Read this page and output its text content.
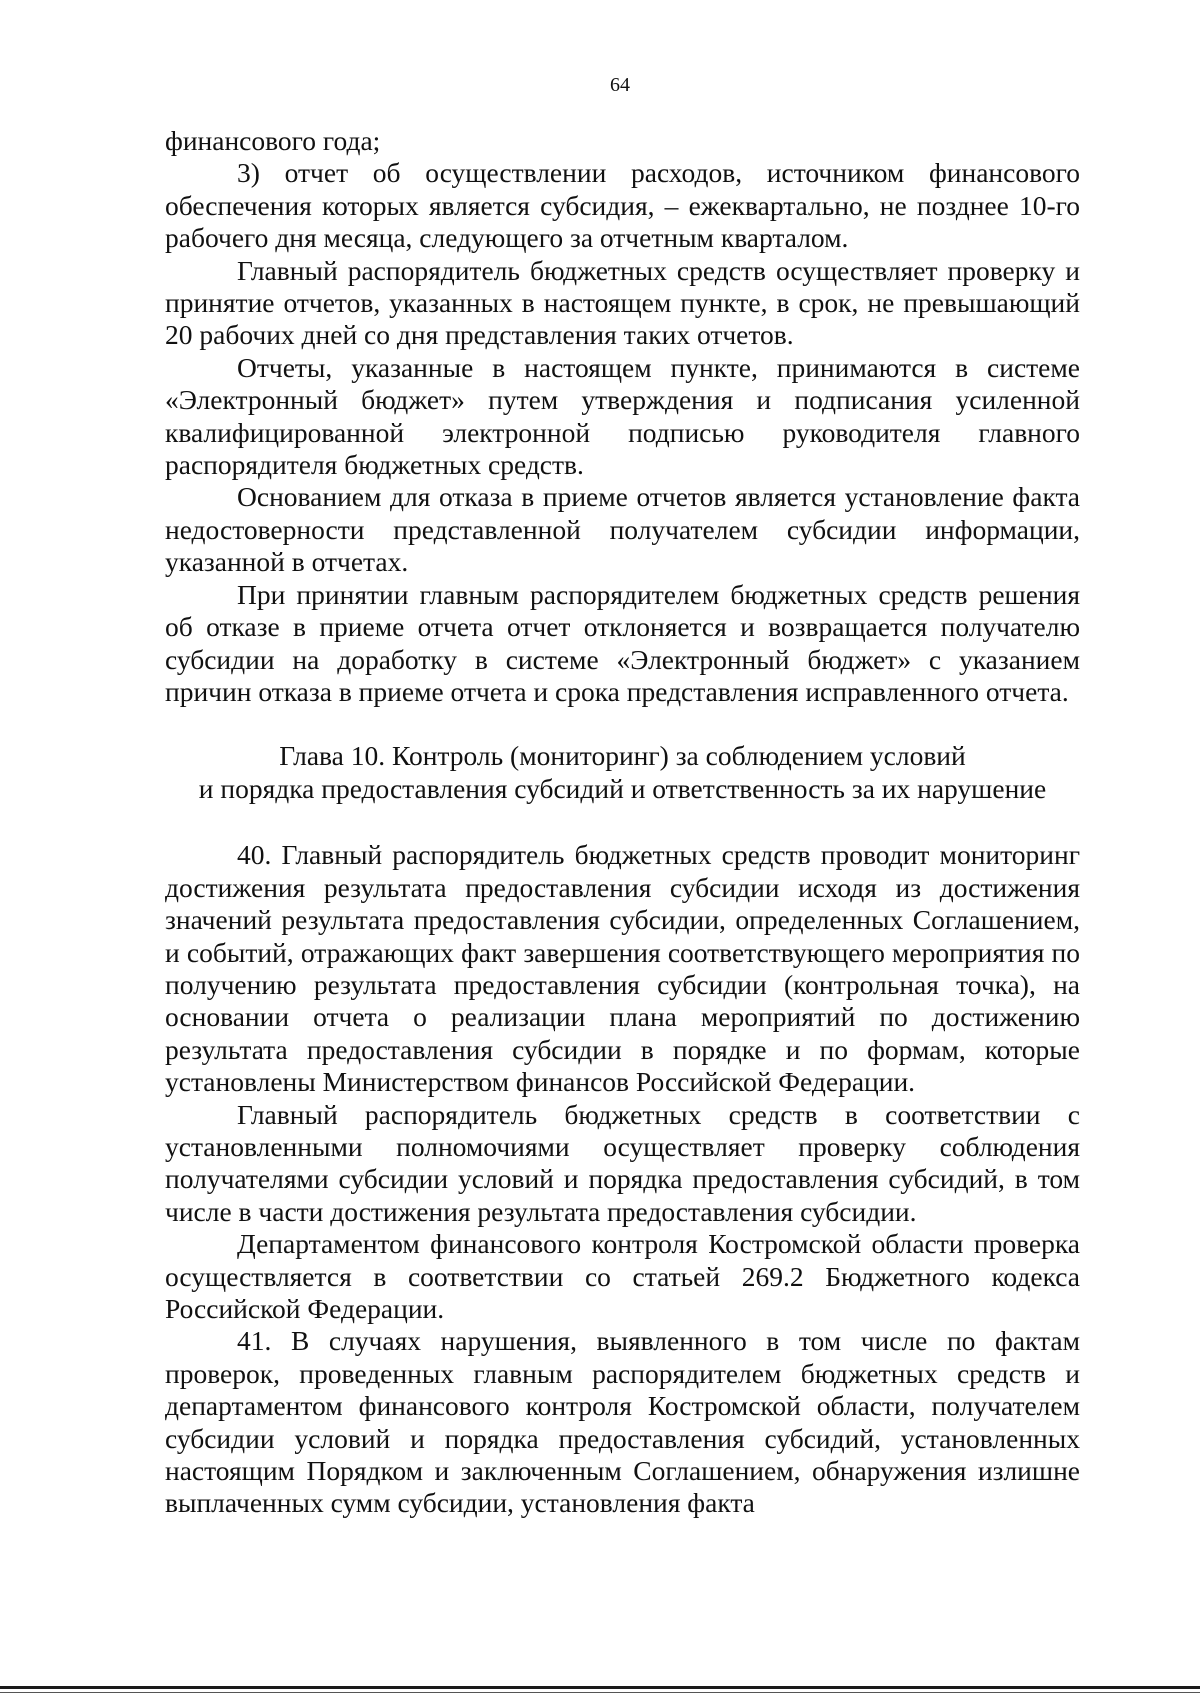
64

финансового года;

3) отчет об осуществлении расходов, источником финансового обеспечения которых является субсидия, – ежеквартально, не позднее 10-го рабочего дня месяца, следующего за отчетным кварталом.

Главный распорядитель бюджетных средств осуществляет проверку и принятие отчетов, указанных в настоящем пункте, в срок, не превышающий 20 рабочих дней со дня представления таких отчетов.

Отчеты, указанные в настоящем пункте, принимаются в системе «Электронный бюджет» путем утверждения и подписания усиленной квалифицированной электронной подписью руководителя главного распорядителя бюджетных средств.

Основанием для отказа в приеме отчетов является установление факта недостоверности представленной получателем субсидии информации, указанной в отчетах.

При принятии главным распорядителем бюджетных средств решения об отказе в приеме отчета отчет отклоняется и возвращается получателю субсидии на доработку в системе «Электронный бюджет» с указанием причин отказа в приеме отчета и срока представления исправленного отчета.

Глава 10. Контроль (мониторинг) за соблюдением условий
и порядка предоставления субсидий и ответственность за их нарушение

40. Главный распорядитель бюджетных средств проводит мониторинг достижения результата предоставления субсидии исходя из достижения значений результата предоставления субсидии, определенных Соглашением, и событий, отражающих факт завершения соответствующего мероприятия по получению результата предоставления субсидии (контрольная точка), на основании отчета о реализации плана мероприятий по достижению результата предоставления субсидии в порядке и по формам, которые установлены Министерством финансов Российской Федерации.

Главный распорядитель бюджетных средств в соответствии с установленными полномочиями осуществляет проверку соблюдения получателями субсидии условий и порядка предоставления субсидий, в том числе в части достижения результата предоставления субсидии.

Департаментом финансового контроля Костромской области проверка осуществляется в соответствии со статьей 269.2 Бюджетного кодекса Российской Федерации.

41. В случаях нарушения, выявленного в том числе по фактам проверок, проведенных главным распорядителем бюджетных средств и департаментом финансового контроля Костромской области, получателем субсидии условий и порядка предоставления субсидий, установленных настоящим Порядком и заключенным Соглашением, обнаружения излишне выплаченных сумм субсидии, установления факта
